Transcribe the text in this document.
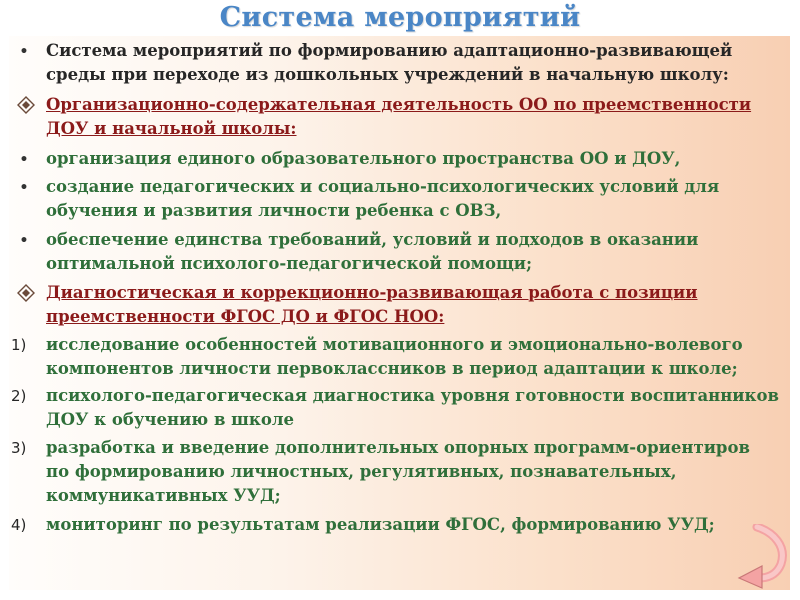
Система мероприятий
•	Система мероприятий по формированию адаптационно-развивающей
среды при переходе из дошкольных учреждений в начальную школу:
Организационно-содержательная деятельность ОО по преемственности
ДОУ и начальной школы:
•	организация единого образовательного пространства ОО и ДОУ,
•	создание педагогических и социально-психологических условий для
обучения и развития личности ребенка с ОВЗ,
•	обеспечение единства требований, условий и подходов в оказании
оптимальной психолого-педагогической помощи;
Диагностическая и коррекционно-развивающая работа с позиции
преемственности ФГОС ДО и ФГОС НОО:
1)	исследование особенностей мотивационного и эмоционально-волевого
компонентов личности первоклассников в период адаптации к школе;
2)	психолого-педагогическая диагностика уровня готовности воспитанников
ДОУ к обучению в школе
3)	разработка и введение дополнительных опорных программ-ориентиров
по формированию личностных, регулятивных, познавательных,
коммуникативных УУД;
4)	мониторинг по результатам реализации ФГОС, формированию УУД;
